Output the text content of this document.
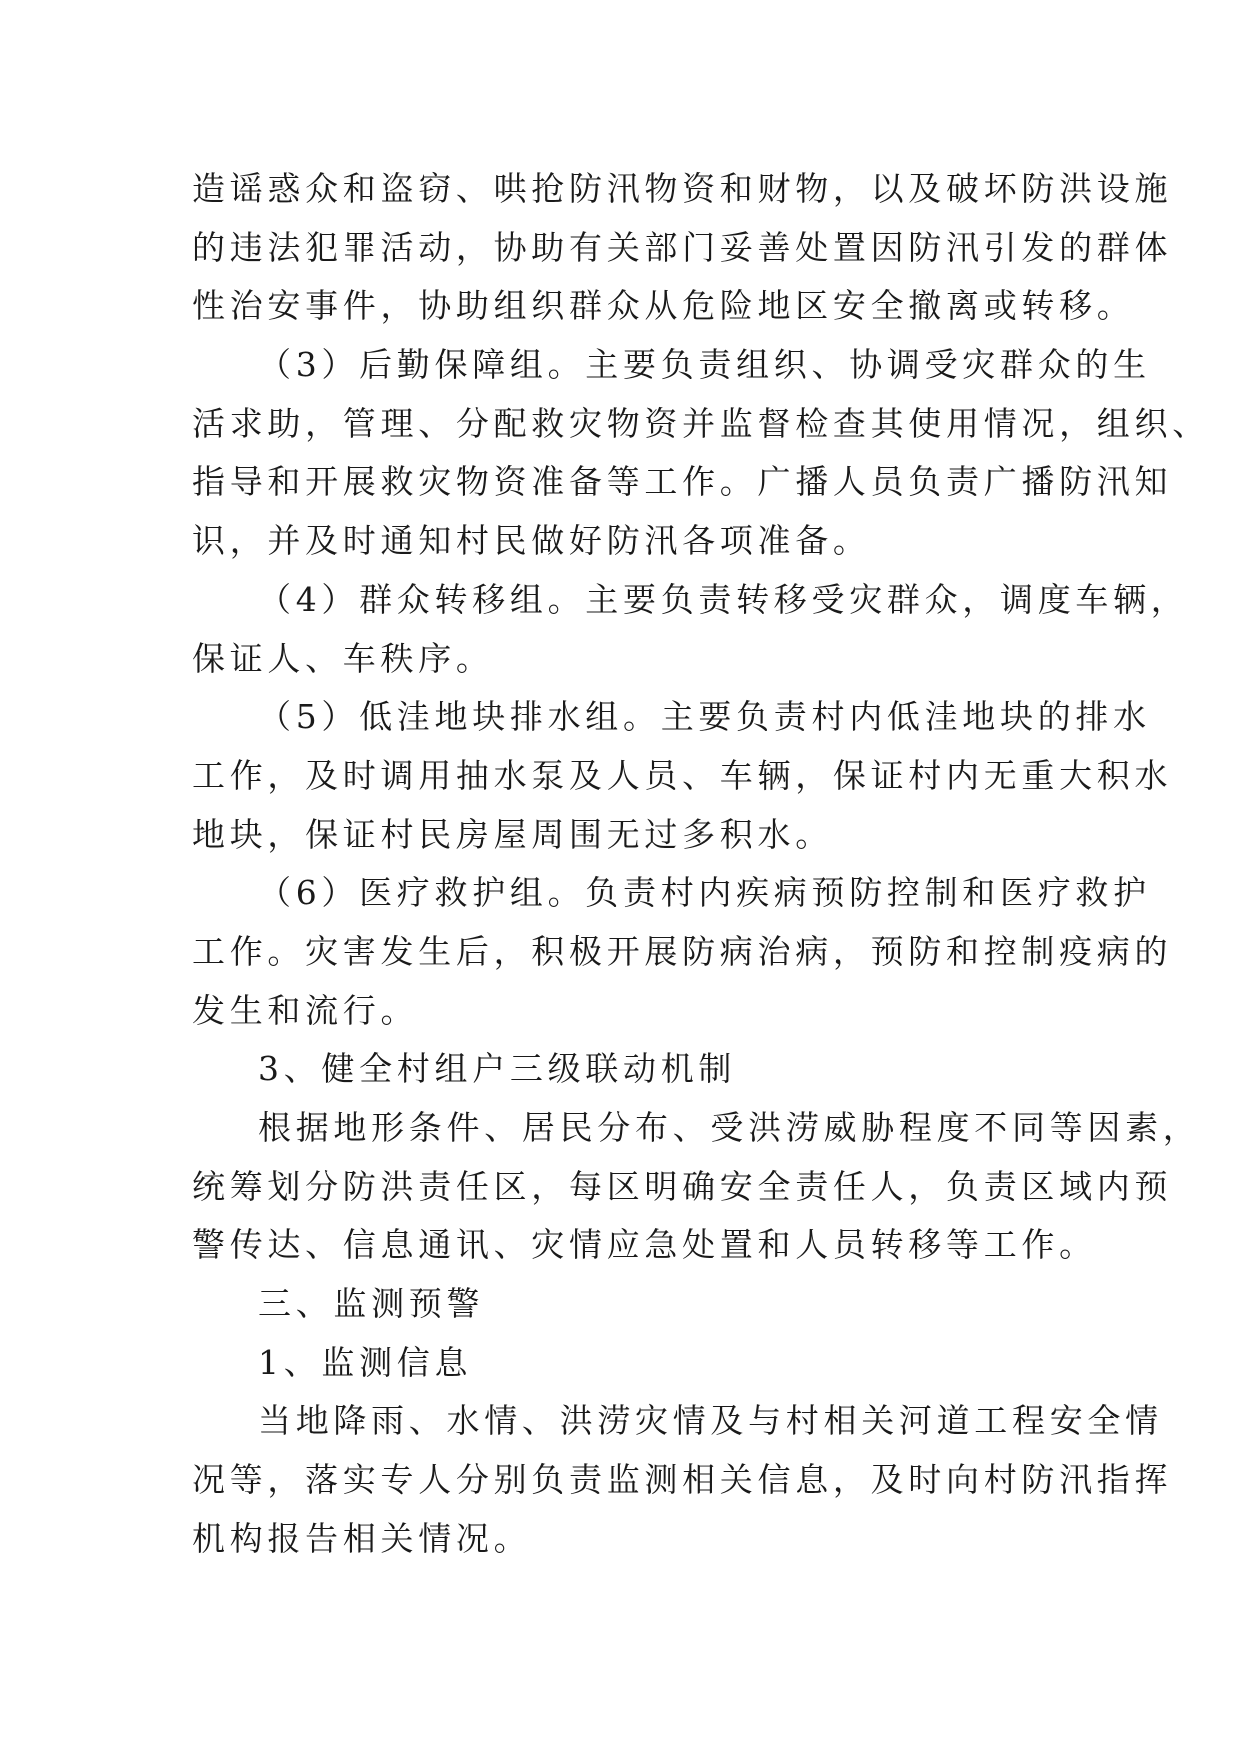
造谣惑众和盗窃、哄抢防汛物资和财物，以及破坏防洪设施
的违法犯罪活动，协助有关部门妥善处置因防汛引发的群体
性治安事件，协助组织群众从危险地区安全撤离或转移。
（3）后勤保障组。主要负责组织、协调受灾群众的生
活求助，管理、分配救灾物资并监督检查其使用情况，组织、
指导和开展救灾物资准备等工作。广播人员负责广播防汛知
识，并及时通知村民做好防汛各项准备。
（4）群众转移组。主要负责转移受灾群众，调度车辆，
保证人、车秩序。
（5）低洼地块排水组。主要负责村内低洼地块的排水
工作，及时调用抽水泵及人员、车辆，保证村内无重大积水
地块，保证村民房屋周围无过多积水。
（6）医疗救护组。负责村内疾病预防控制和医疗救护
工作。灾害发生后，积极开展防病治病，预防和控制疫病的
发生和流行。
3、健全村组户三级联动机制
根据地形条件、居民分布、受洪涝威胁程度不同等因素，
统筹划分防洪责任区，每区明确安全责任人，负责区域内预
警传达、信息通讯、灾情应急处置和人员转移等工作。
三、监测预警
1、监测信息
当地降雨、水情、洪涝灾情及与村相关河道工程安全情
况等，落实专人分别负责监测相关信息，及时向村防汛指挥
机构报告相关情况。
